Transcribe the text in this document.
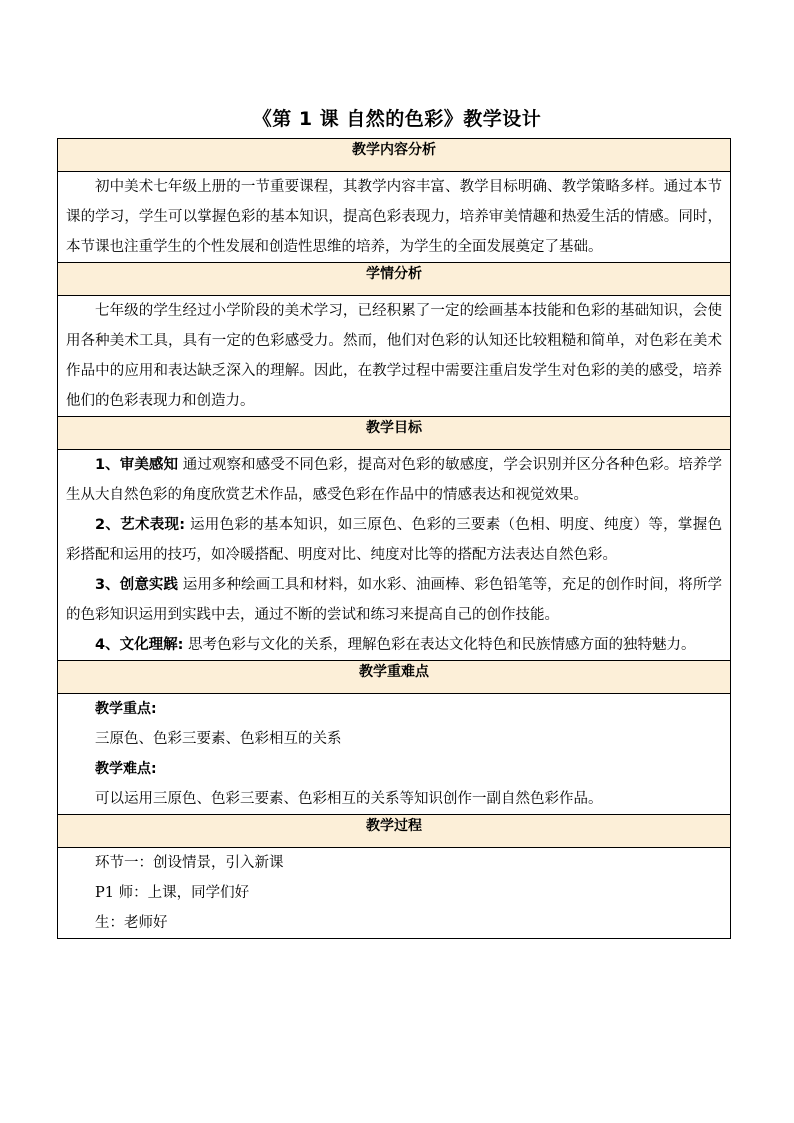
《第 1 课 自然的色彩》教学设计
教学内容分析

初中美术七年级上册的一节重要课程，其教学内容丰富、教学目标明确、教学策略多样。通过本节课的学习，学生可以掌握色彩的基本知识，提高色彩表现力，培养审美情趣和热爱生活的情感。同时，本节课也注重学生的个性发展和创造性思维的培养，为学生的全面发展奠定了基础。

学情分析

七年级的学生经过小学阶段的美术学习，已经积累了一定的绘画基本技能和色彩的基础知识，会使用各种美术工具，具有一定的色彩感受力。然而，他们对色彩的认知还比较粗糙和简单，对色彩在美术作品中的应用和表达缺乏深入的理解。因此，在教学过程中需要注重启发学生对色彩的美的感受，培养他们的色彩表现力和创造力。

教学目标

1、审美感知 通过观察和感受不同色彩，提高对色彩的敏感度，学会识别并区分各种色彩。培养学生从大自然色彩的角度欣赏艺术作品，感受色彩在作品中的情感表达和视觉效果。

2、艺术表现: 运用色彩的基本知识，如三原色、色彩的三要素（色相、明度、纯度）等，掌握色彩搭配和运用的技巧，如冷暖搭配、明度对比、纯度对比等的搭配方法表达自然色彩。

3、创意实践 运用多种绘画工具和材料，如水彩、油画棒、彩色铅笔等，充足的创作时间，将所学的色彩知识运用到实践中去，通过不断的尝试和练习来提高自己的创作技能。

4、文化理解: 思考色彩与文化的关系，理解色彩在表达文化特色和民族情感方面的独特魅力。

教学重难点

教学重点:

三原色、色彩三要素、色彩相互的关系

教学难点:

可以运用三原色、色彩三要素、色彩相互的关系等知识创作一副自然色彩作品。

教学过程

环节一：创设情景，引入新课

P1 师：上课，同学们好

生：老师好
